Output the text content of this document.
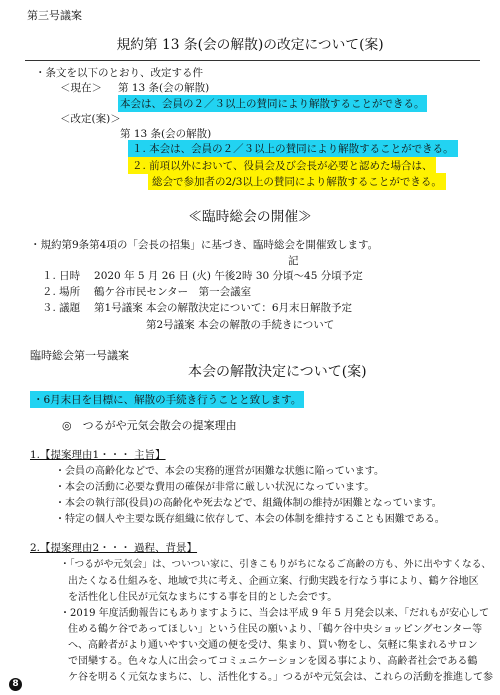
第三号議案
規約第 13 条(会の解散)の改定について(案)
・条文を以下のとおり、改定する件
＜現在＞ 第 13 条(会の解散)
本会は、会員の２／３以上の賛同により解散することができる。
＜改定(案)＞
第 13 条(会の解散)
１. 本会は、会員の２／３以上の賛同により解散することができる。
２. 前項以外において、役員会及び会長が必要と認めた場合は、
総会で参加者の2/3以上の賛同により解散することができる。
≪臨時総会の開催≫
・規約第9条第4項の「会長の招集」に基づき、臨時総会を開催致します。
記
１. 日時　 2020 年 5 月 26 日 (火) 午後2時 30 分頃～45 分頃予定
２. 場所　 鶴ケ谷市民センター　第一会議室
３. 議題　 第1号議案 本会の解散決定について：6月末日解散予定
第2号議案 本会の解散の手続きについて
臨時総会第一号議案
本会の解散決定について(案)
・6月末日を目標に、解散の手続き行うことと致します。
◎　つるがや元気会散会の提案理由
1.【提案理由1・・・ 主旨】
・会員の高齢化などで、本会の実務的運営が困難な状態に陥っています。
・本会の活動に必要な費用の確保が非常に厳しい状況になっています。
・本会の執行部(役員)の高齢化や死去などで、組織体制の維持が困難となっています。
・特定の個人や主要な既存組織に依存して、本会の体制を維持することも困難である。
2.【提案理由2・・・ 過程、背景】
・「つるがや元気会」は、ついつい家に、引きこもりがちになるご高齢の方も、外に出やすくなる、
出たくなる仕組みを、地域で共に考え、企画立案、行動実践を行なう事により、鶴ケ谷地区
を活性化し住民が元気なまちにする事を目的とした会です。
・2019 年度活動報告にもありますように、当会は平成 9 年 5 月発会以来、「だれもが安心して
住める鶴ケ谷であってほしい」という住民の願いより、「鶴ケ谷中央ショッピングセンター等
へ、高齢者がより通いやすい交通の便を受け、集まり、買い物をし、気軽に集まれるサロン
で団欒する。色々な人に出会ってコミュニケーションを図る事により、高齢者社会である鶴
ケ谷を明るく元気なまちに、し、活性化する。」つるがや元気会は、これらの活動を推進して参
8
